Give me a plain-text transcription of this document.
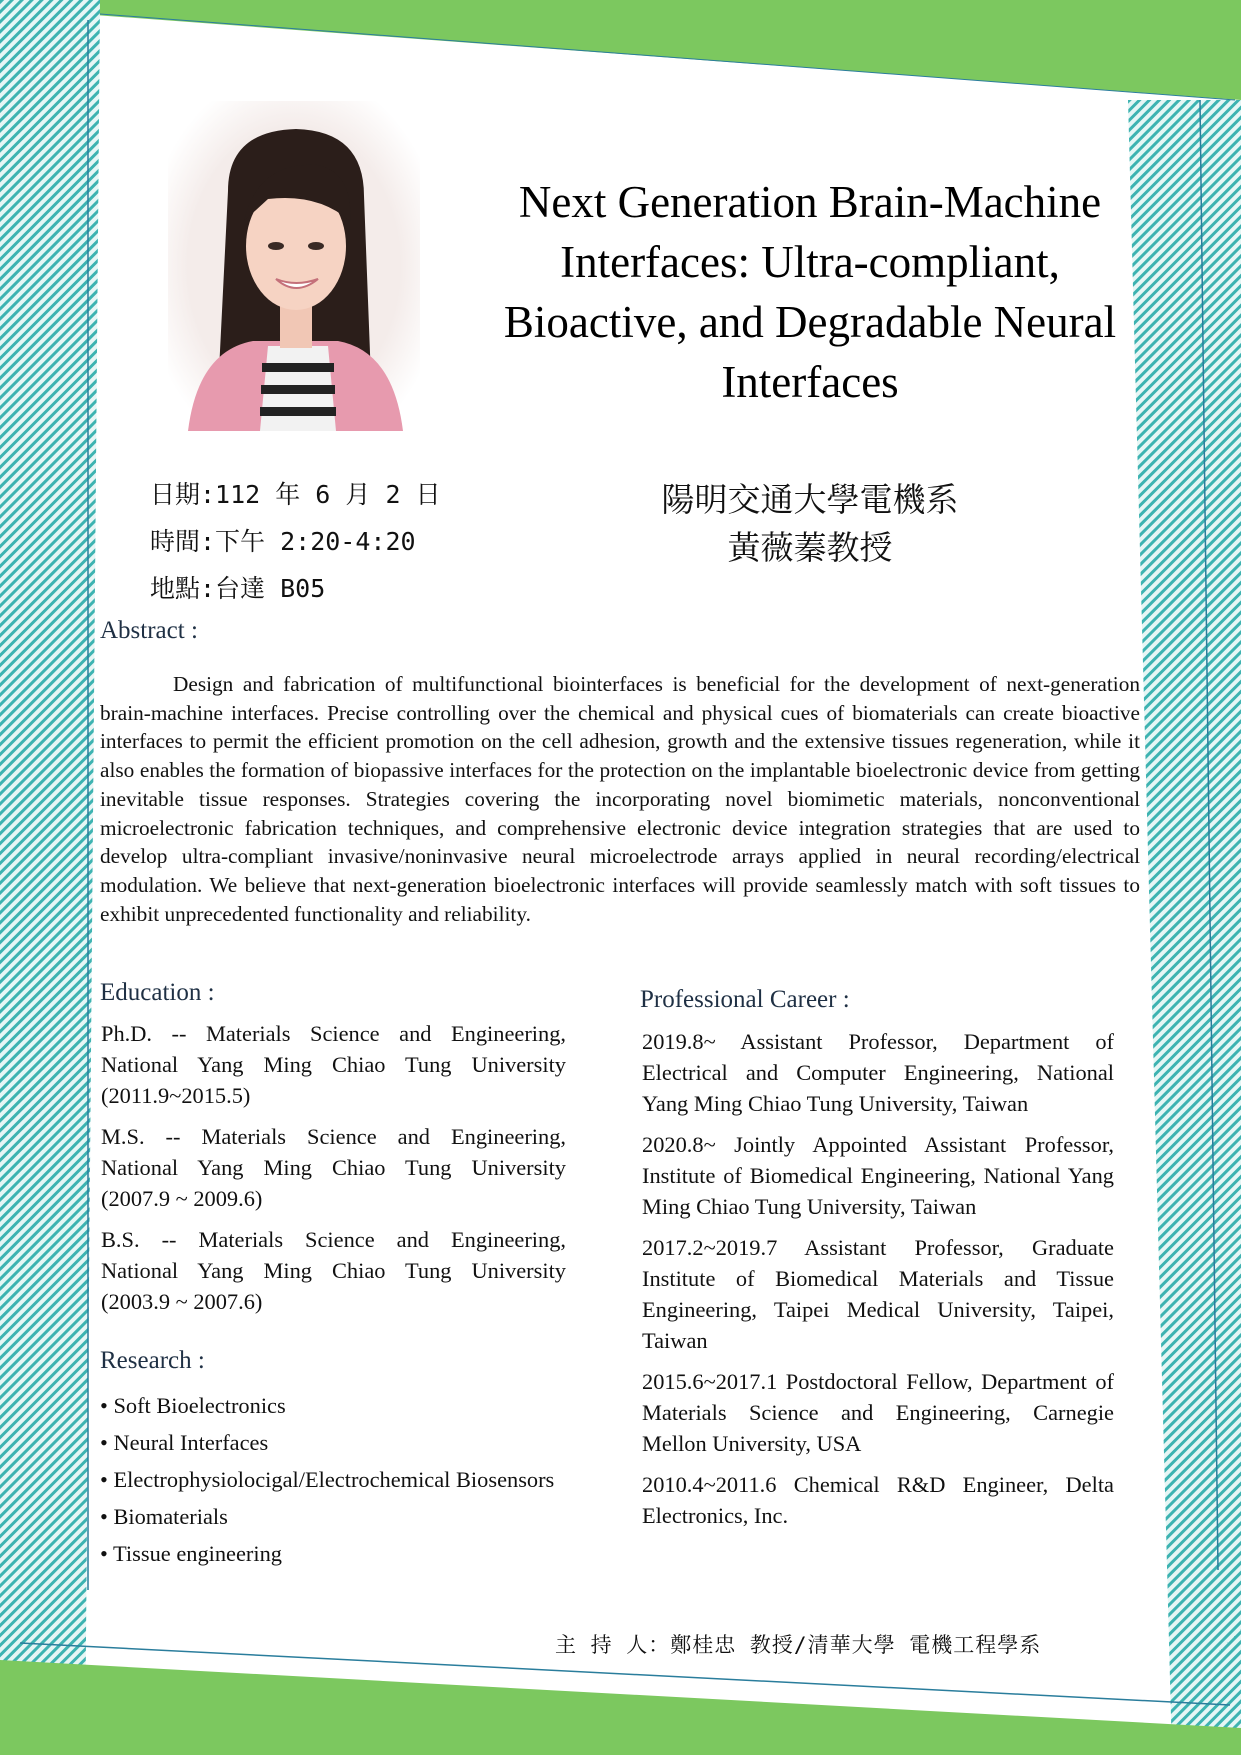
Next Generation Brain-Machine
Interfaces: Ultra-compliant,
Bioactive, and Degradable Neural
Interfaces
日期:112 年 6 月 2 日
時間:下午 2:20-4:20
地點:台達 B05
陽明交通大學電機系
黃薇蓁教授
Abstract :

Design and fabrication of multifunctional biointerfaces is beneficial for the development of next-generation brain-machine interfaces. Precise controlling over the chemical and physical cues of biomaterials can create bioactive interfaces to permit the efficient promotion on the cell adhesion, growth and the extensive tissues regeneration, while it also enables the formation of biopassive interfaces for the protection on the implantable bioelectronic device from getting inevitable tissue responses. Strategies covering the incorporating novel biomimetic materials, nonconventional microelectronic fabrication techniques, and comprehensive electronic device integration strategies that are used to develop ultra-compliant invasive/noninvasive neural microelectrode arrays applied in neural recording/electrical modulation. We believe that next-generation bioelectronic interfaces will provide seamlessly match with soft tissues to exhibit unprecedented functionality and reliability.

Education :

Ph.D. -- Materials Science and Engineering, National Yang Ming Chiao Tung University (2011.9~2015.5)

M.S. -- Materials Science and Engineering, National Yang Ming Chiao Tung University (2007.9 ~ 2009.6)

B.S. -- Materials Science and Engineering, National Yang Ming Chiao Tung University (2003.9 ~ 2007.6)

Research :
• Soft Bioelectronics
• Neural Interfaces
• Electrophysiolocigal/Electrochemical Biosensors
• Biomaterials
• Tissue engineering
Professional Career :

2019.8~ Assistant Professor, Department of Electrical and Computer Engineering, National Yang Ming Chiao Tung University, Taiwan

2020.8~ Jointly Appointed Assistant Professor, Institute of Biomedical Engineering, National Yang Ming Chiao Tung University, Taiwan

2017.2~2019.7 Assistant Professor, Graduate Institute of Biomedical Materials and Tissue Engineering, Taipei Medical University, Taipei, Taiwan

2015.6~2017.1 Postdoctoral Fellow, Department of Materials Science and Engineering, Carnegie Mellon University, USA

2010.4~2011.6 Chemical R&D Engineer, Delta Electronics, Inc.

主 持 人：鄭桂忠 教授/清華大學 電機工程學系
